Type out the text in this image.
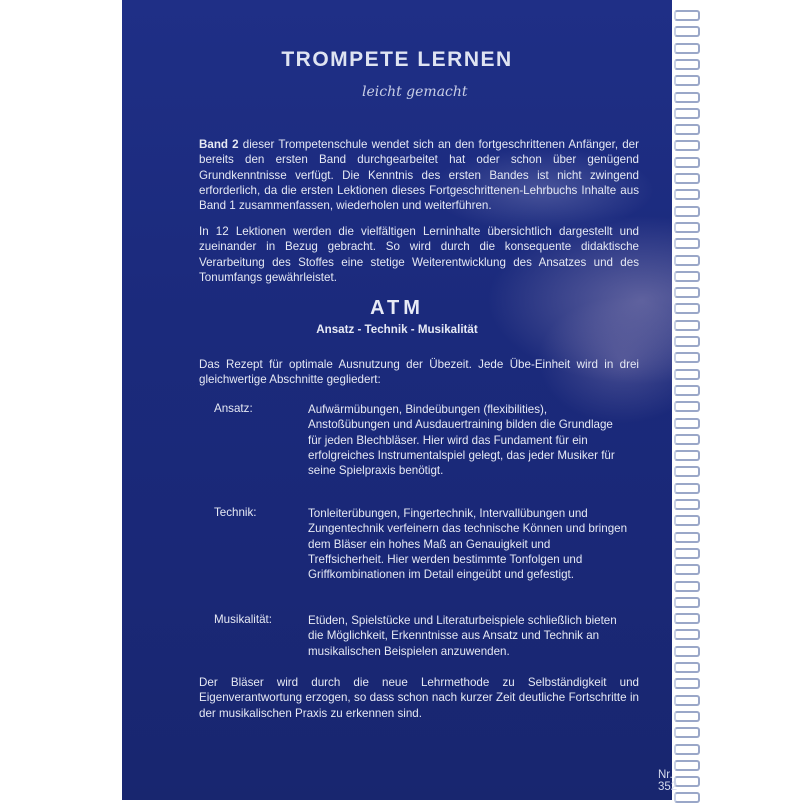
TROMPETE LERNEN
leicht gemacht

Band 2 dieser Trompetenschule wendet sich an den fortgeschrittenen Anfänger, der bereits den ersten Band durchgearbeitet hat oder schon über genügend Grundkenntnisse verfügt. Die Kenntnis des ersten Bandes ist nicht zwingend erforderlich, da die ersten Lektionen dieses Fortgeschrittenen-Lehrbuchs Inhalte aus Band 1 zusammenfassen, wiederholen und weiterführen.

In 12 Lektionen werden die vielfältigen Lerninhalte übersichtlich dargestellt und zueinander in Bezug gebracht. So wird durch die konsequente didaktische Verarbeitung des Stoffes eine stetige Weiterentwicklung des Ansatzes und des Tonumfangs gewährleistet.

ATM
Ansatz - Technik - Musikalität

Das Rezept für optimale Ausnutzung der Übezeit. Jede Übe-Einheit wird in drei gleichwertige Abschnitte gegliedert:

Ansatz:	Aufwärmübungen, Bindeübungen (flexibilities), Anstoßübungen und Ausdauertraining bilden die Grundlage für jeden Blechbläser. Hier wird das Fundament für ein erfolgreiches Instrumentalspiel gelegt, das jeder Musiker für seine Spielpraxis benötigt.
Technik:	Tonleiterübungen, Fingertechnik, Intervallübungen und Zungentechnik verfeinern das technische Können und bringen dem Bläser ein hohes Maß an Genauigkeit und Treffsicherheit. Hier werden bestimmte Tonfolgen und Griffkombinationen im Detail eingeübt und gefestigt.
Musikalität:	Etüden, Spielstücke und Literaturbeispiele schließlich bieten die Möglichkeit, Erkenntnisse aus Ansatz und Technik an musikalischen Beispielen anzuwenden.

Der Bläser wird durch die neue Lehrmethode zu Selbständigkeit und Eigenverantwortung erzogen, so dass schon nach kurzer Zeit deutliche Fortschritte in der musikalischen Praxis zu erkennen sind.

Nr. 352
